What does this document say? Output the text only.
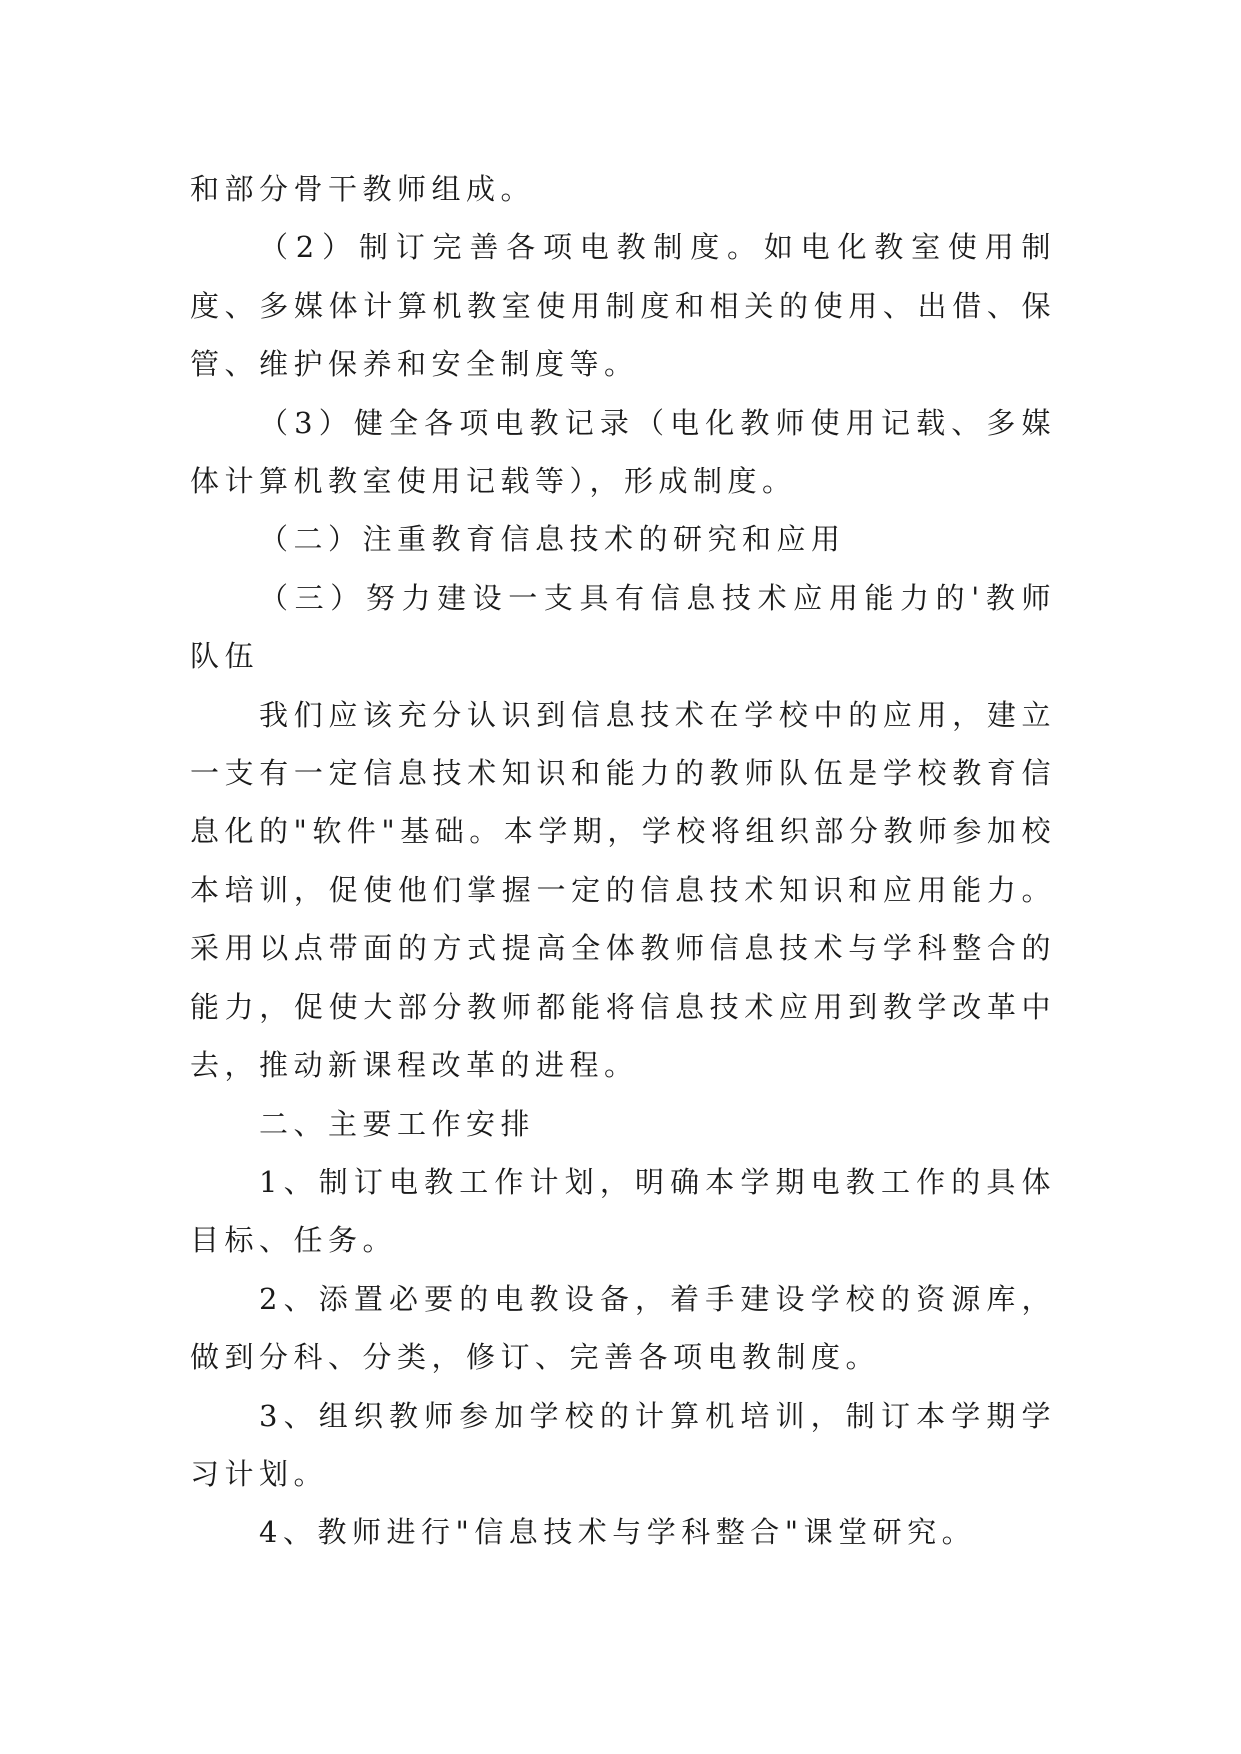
和部分骨干教师组成。

（2）制订完善各项电教制度。如电化教室使用制度、多媒体计算机教室使用制度和相关的使用、出借、保管、维护保养和安全制度等。

（3）健全各项电教记录（电化教师使用记载、多媒体计算机教室使用记载等），形成制度。

（二）注重教育信息技术的研究和应用

（三）努力建设一支具有信息技术应用能力的'教师队伍

我们应该充分认识到信息技术在学校中的应用，建立一支有一定信息技术知识和能力的教师队伍是学校教育信息化的"软件"基础。本学期，学校将组织部分教师参加校本培训，促使他们掌握一定的信息技术知识和应用能力。采用以点带面的方式提高全体教师信息技术与学科整合的能力，促使大部分教师都能将信息技术应用到教学改革中去，推动新课程改革的进程。

二、主要工作安排

1、制订电教工作计划，明确本学期电教工作的具体目标、任务。

2、添置必要的电教设备，着手建设学校的资源库，做到分科、分类，修订、完善各项电教制度。

3、组织教师参加学校的计算机培训，制订本学期学习计划。

4、教师进行"信息技术与学科整合"课堂研究。
